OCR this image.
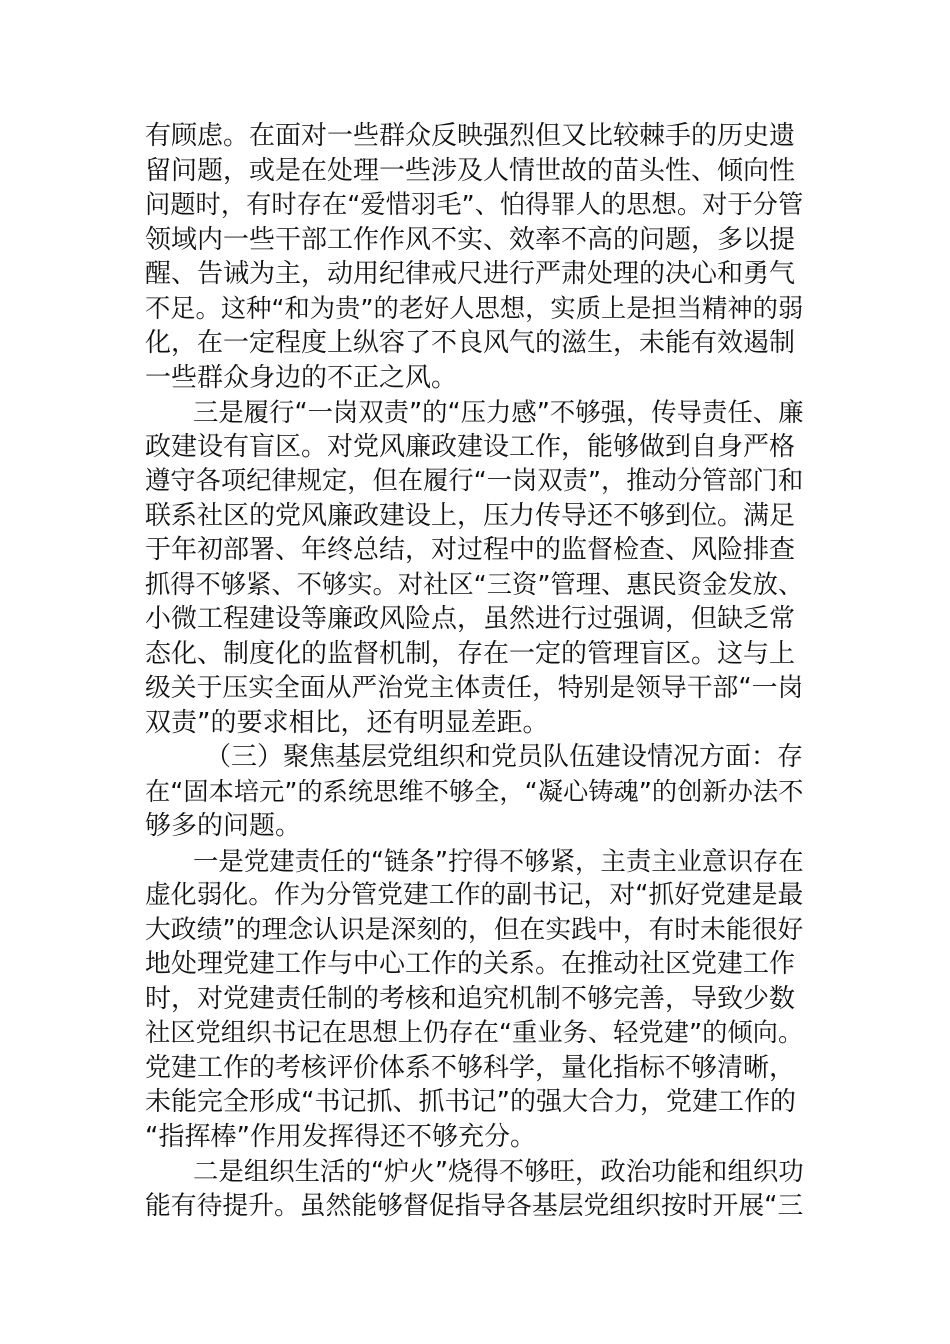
有顾虑。在面对一些群众反映强烈但又比较棘手的历史遗
留问题，或是在处理一些涉及人情世故的苗头性、倾向性
问题时，有时存在“爱惜羽毛”、怕得罪人的思想。对于分管
领域内一些干部工作作风不实、效率不高的问题，多以提
醒、告诫为主，动用纪律戒尺进行严肃处理的决心和勇气
不足。这种“和为贵”的老好人思想，实质上是担当精神的弱
化，在一定程度上纵容了不良风气的滋生，未能有效遏制
一些群众身边的不正之风。
三是履行“一岗双责”的“压力感”不够强，传导责任、廉
政建设有盲区。对党风廉政建设工作，能够做到自身严格
遵守各项纪律规定，但在履行“一岗双责”，推动分管部门和
联系社区的党风廉政建设上，压力传导还不够到位。满足
于年初部署、年终总结，对过程中的监督检查、风险排查
抓得不够紧、不够实。对社区“三资”管理、惠民资金发放、
小微工程建设等廉政风险点，虽然进行过强调，但缺乏常
态化、制度化的监督机制，存在一定的管理盲区。这与上
级关于压实全面从严治党主体责任，特别是领导干部“一岗
双责”的要求相比，还有明显差距。
（三）聚焦基层党组织和党员队伍建设情况方面：存
在“固本培元”的系统思维不够全，“凝心铸魂”的创新办法不
够多的问题。
一是党建责任的“链条”拧得不够紧，主责主业意识存在
虚化弱化。作为分管党建工作的副书记，对“抓好党建是最
大政绩”的理念认识是深刻的，但在实践中，有时未能很好
地处理党建工作与中心工作的关系。在推动社区党建工作
时，对党建责任制的考核和追究机制不够完善，导致少数
社区党组织书记在思想上仍存在“重业务、轻党建”的倾向。
党建工作的考核评价体系不够科学，量化指标不够清晰，
未能完全形成“书记抓、抓书记”的强大合力，党建工作的
“指挥棒”作用发挥得还不够充分。
二是组织生活的“炉火”烧得不够旺，政治功能和组织功
能有待提升。虽然能够督促指导各基层党组织按时开展“三
